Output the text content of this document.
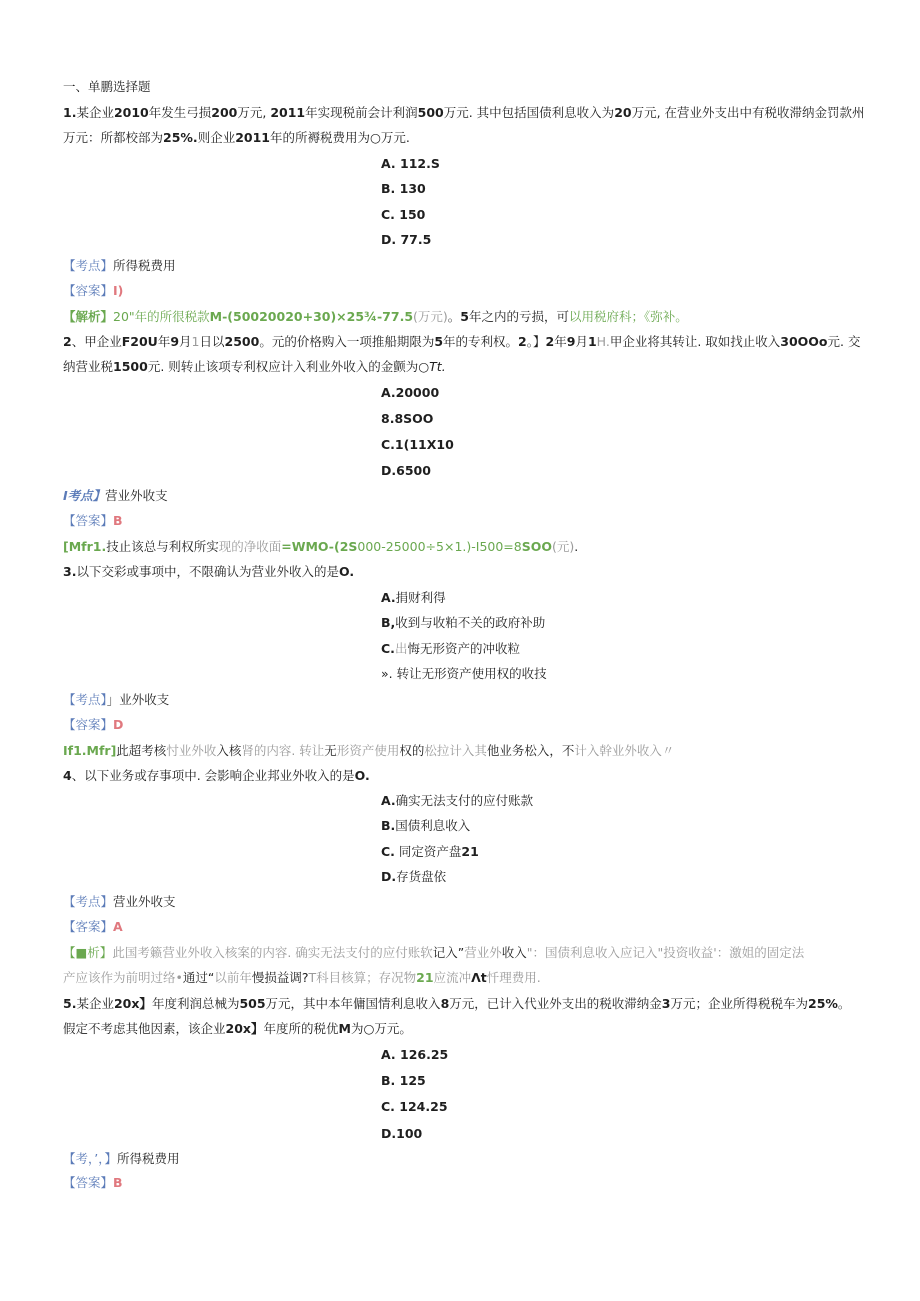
一、单鹏选择题
1.某企业2010年发生弓损200万元, 2011年实现税前会计利润500万元. 其中包括国债利息收入为20万元, 在营业外支出中有税收滞纳金罚款州
万元：所都校部为25%.则企业2011年的所褥税费用为○万元.
A. 112.S
B. 130
C. 150
D. 77.5
【考点】所得税费用
【容案】I)
【解析】20"年的所很税款M-(50020020+30)×25¾-77.5(万元)。5年之内的亏损，可以用税府科；《弥补。
2、甲企业F20U年9月1日以2500。元的价格购入一项推船期限为5年的专利权。2。】2年9月1H.甲企业将其转让. 取如找止收入30OOo元. 交
纳营业税1500元. 则转止该项专利权应计入利业外收入的金颤为○Tt.
A.20000
8.8SOO
C.1(11X10
D.6500
I考点】营业外收支
【答案】B
[Mfr1.技止该总与利权所实现的净收面=WMO-(2S000-25000÷5×1.)-I500=8SOO(元).
3.以下交彩或事项中，不限确认为营业外收入的是O.
A.捐财利得
B,收到与收粕不关的政府补助
C.出悔无形资产的冲收粒
». 转让无形资产使用权的收技
【考点】」业外收支
【容案】D
If1.Mfr]此超考核忖业外收入核肾的内容. 转让无形资产使用权的松拉计入其他业务松入，不计入幹业外收入〃
4、以下业务或存事项中. 会影响企业邦业外收入的是O.
A.确实无法支付的应付账款
B.国债利息收入
C. 同定资产盘21
D.存货盘依
【考点】营业外收支
【客案】A
【■析】此国考籁营业外收入核案的内容. 确实无法支付的应付账软记入”营业外收入"：国债利息收入应记入"投资收益'：激姐的固定法
产应该作为前明过络•通过“以前年慢损益调?T科目核算；存况物21应流冲Λt忏理费用.
5.某企业20x】年度利润总械为505万元，其中本年傭国情利息收入8万元，已计入代业外支出的税收滞纳金3万元；企业所得税税车为25%。
假定不考虑其他因素，该企业20x】年度所的税优M为○万元。
A. 126.25
B. 125
C. 124.25
D.100
【考，’，】所得税费用
【答案】B
